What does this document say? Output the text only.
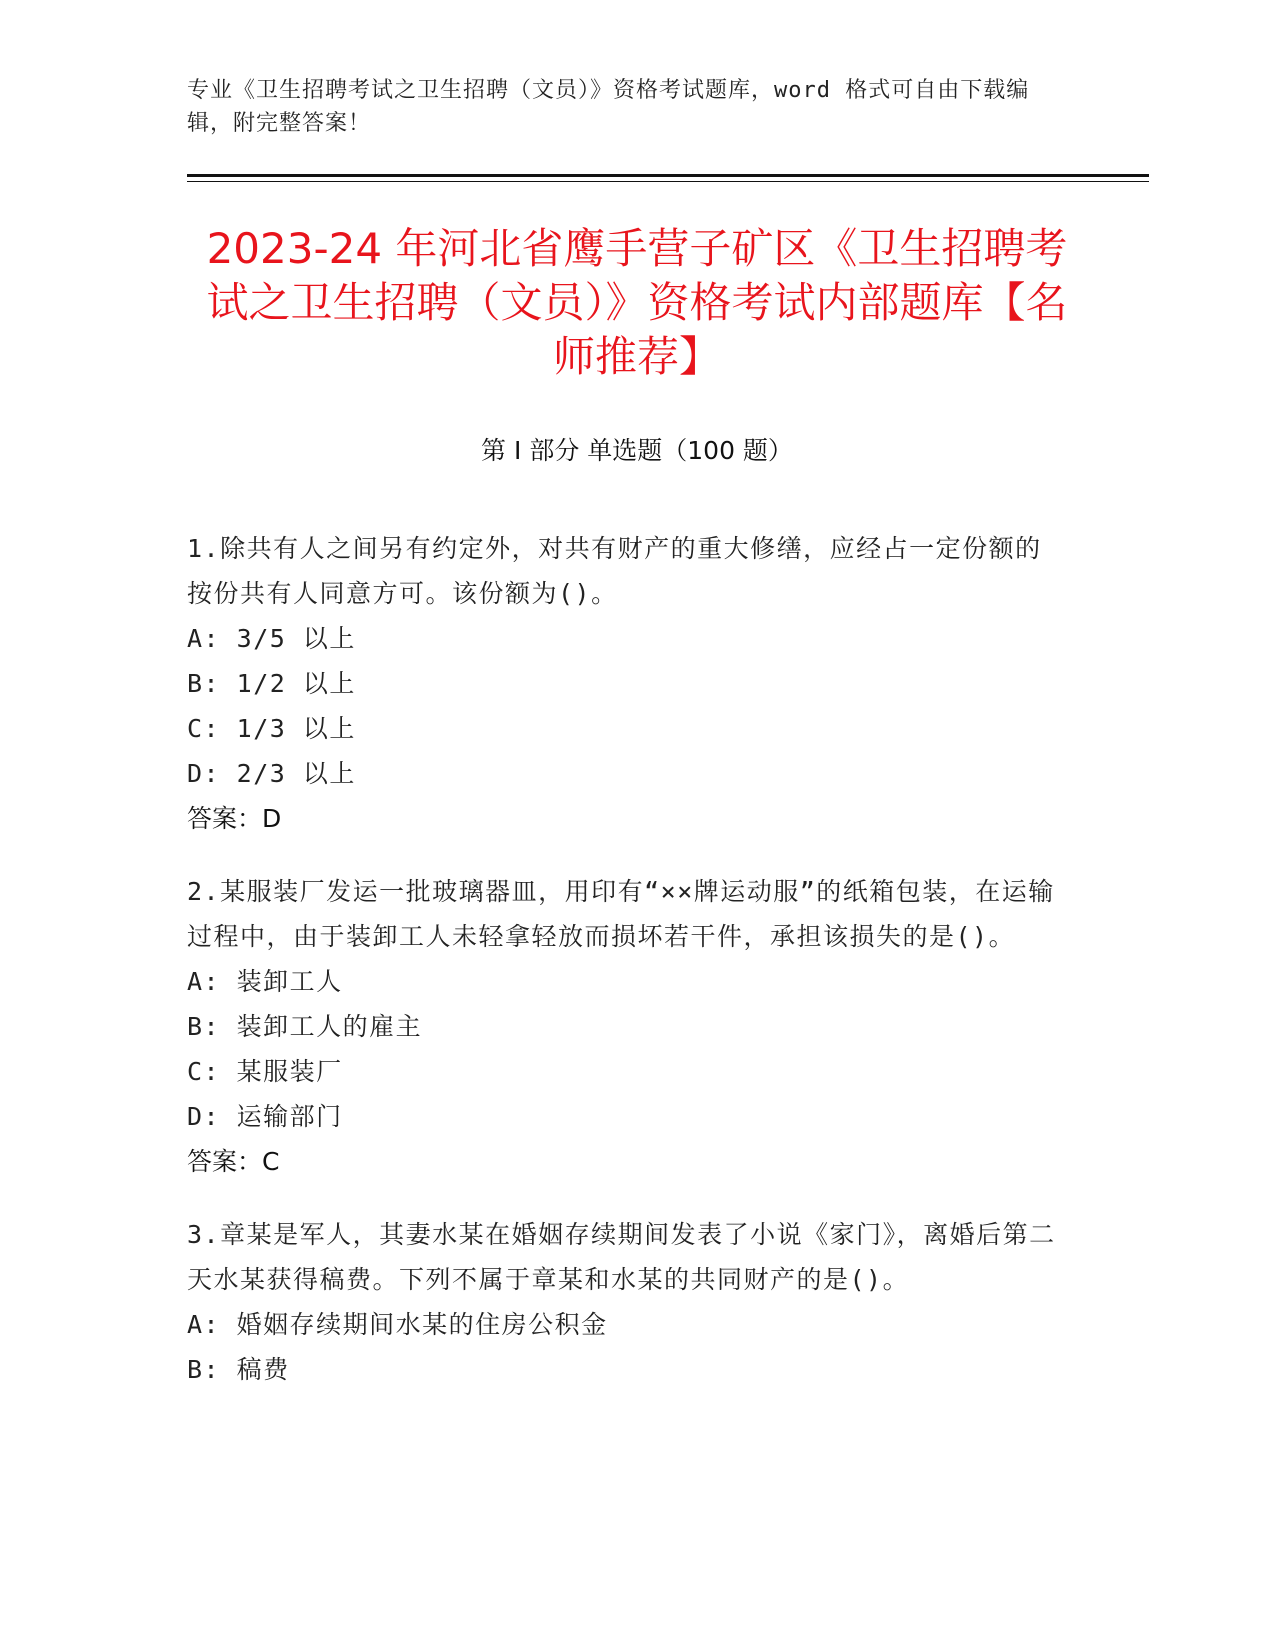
专业《卫生招聘考试之卫生招聘（文员）》资格考试题库，word 格式可自由下载编辑，附完整答案！
2023-24 年河北省鹰手营子矿区《卫生招聘考试之卫生招聘（文员）》资格考试内部题库【名师推荐】
第 I 部分 单选题（100 题）
1.除共有人之间另有约定外，对共有财产的重大修缮，应经占一定份额的按份共有人同意方可。该份额为()。
A: 3/5 以上
B: 1/2 以上
C: 1/3 以上
D: 2/3 以上
答案：D
2.某服装厂发运一批玻璃器皿，用印有“××牌运动服”的纸箱包装，在运输过程中，由于装卸工人未轻拿轻放而损坏若干件，承担该损失的是()。
A: 装卸工人
B: 装卸工人的雇主
C: 某服装厂
D: 运输部门
答案：C
3.章某是军人，其妻水某在婚姻存续期间发表了小说《家门》，离婚后第二天水某获得稿费。下列不属于章某和水某的共同财产的是()。
A: 婚姻存续期间水某的住房公积金
B: 稿费
